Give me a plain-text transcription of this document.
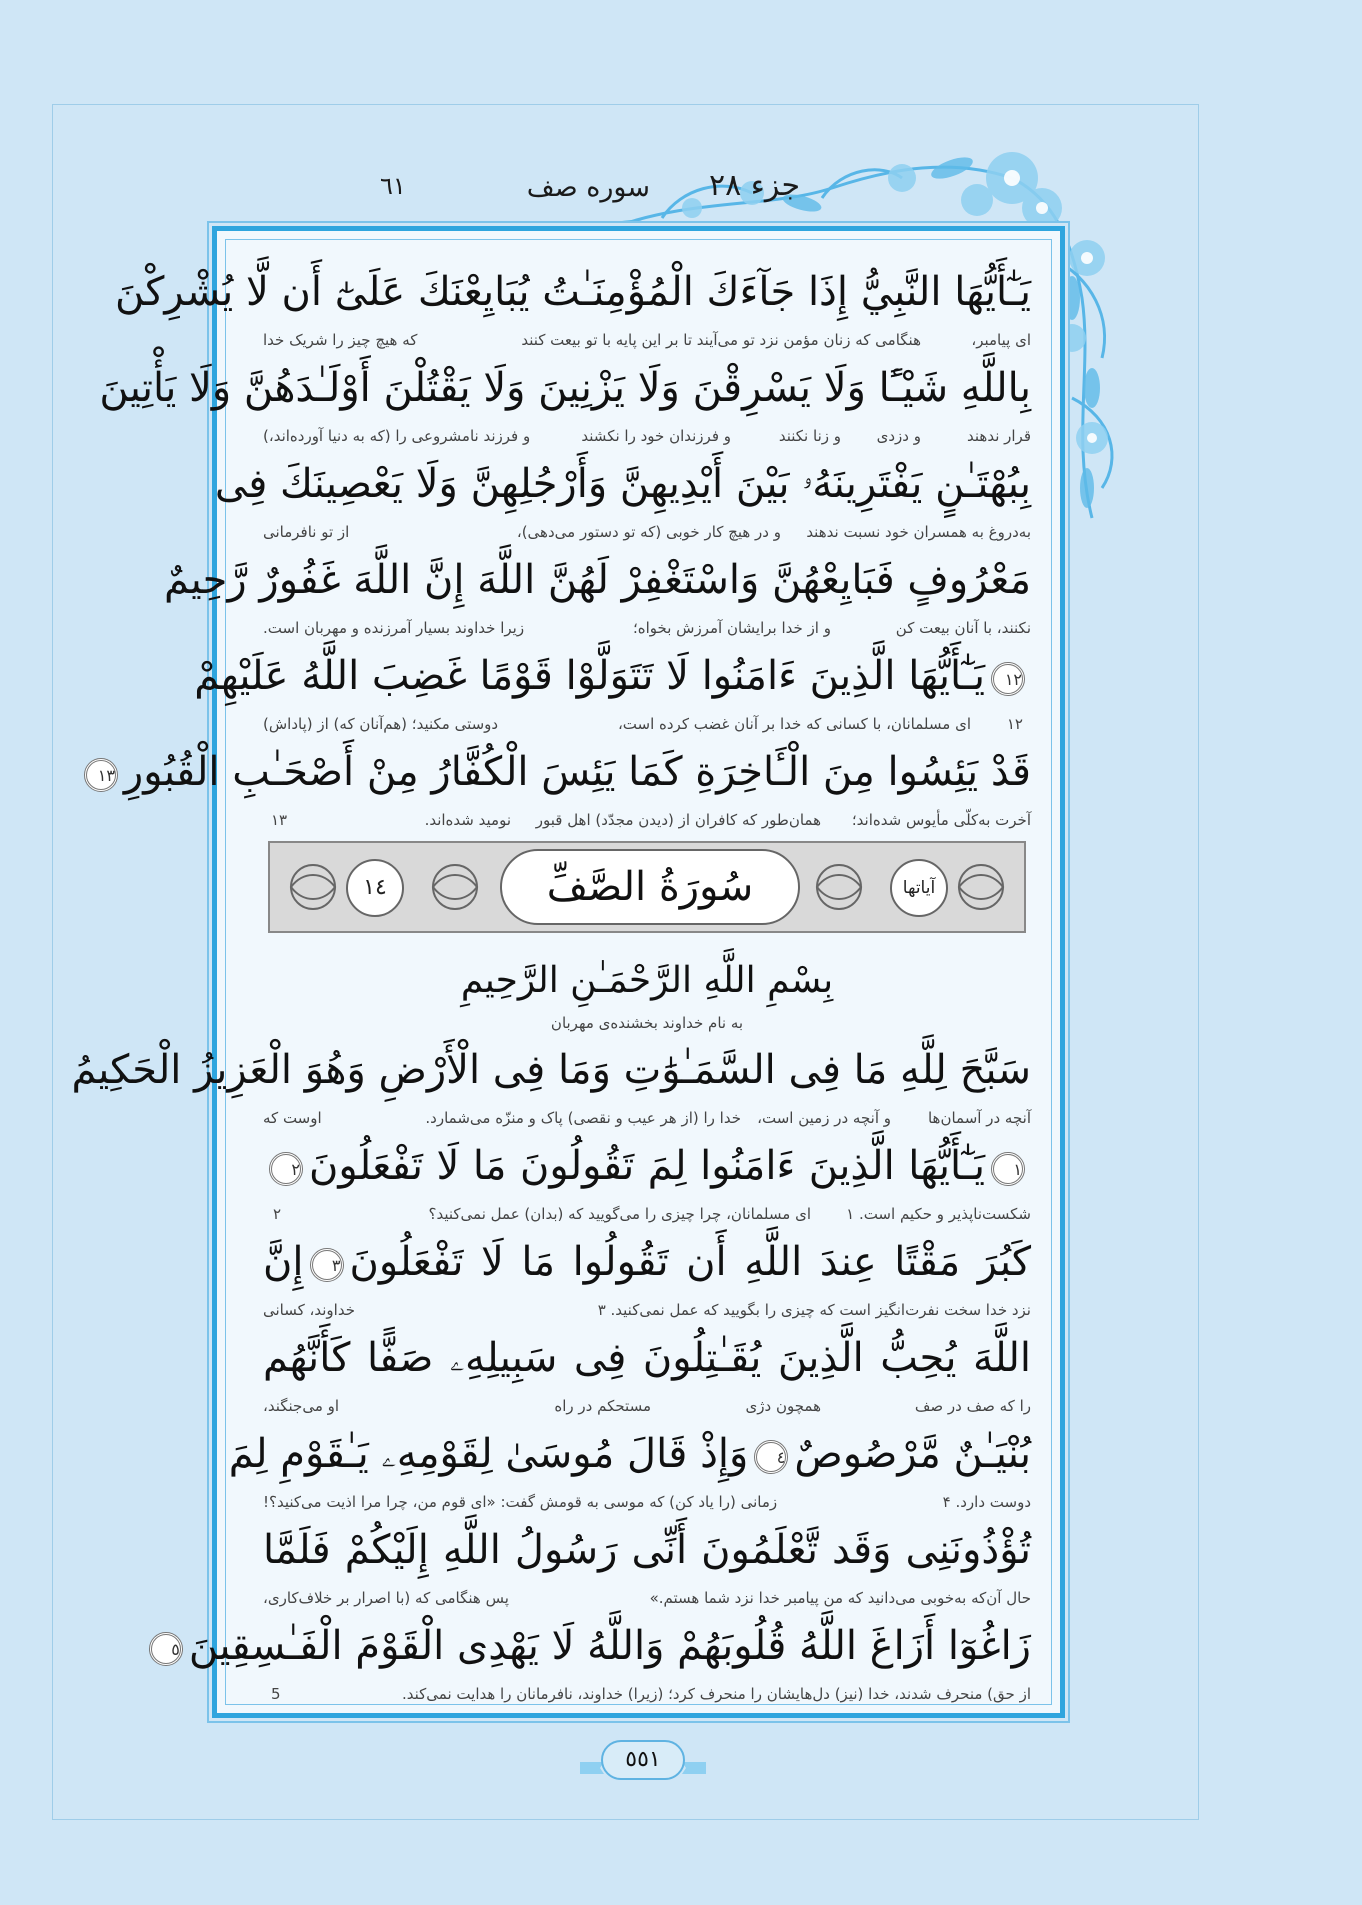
جزء ۲۸
سوره صف
٦١
يَـٰٓأَيُّهَا النَّبِيُّ إِذَا جَآءَكَ الْمُؤْمِنَـٰتُ يُبَايِعْنَكَ عَلَىٰٓ أَن لَّا يُشْرِكْنَ
ای پیامبر،
هنگامی که زنان مؤمن نزد تو می‌آیند تا بر این پایه با تو بیعت کنند
که هیچ چیز را شریک خدا
بِاللَّهِ شَيْـًٔا وَلَا يَسْرِقْنَ وَلَا يَزْنِينَ وَلَا يَقْتُلْنَ أَوْلَـٰدَهُنَّ وَلَا يَأْتِينَ
قرار ندهند
و دزدی
و زنا نکنند
و فرزندان خود را نکشند
و فرزند نامشروعی را (که به دنیا آورده‌اند،)
بِبُهْتَـٰنٍ يَفْتَرِينَهُۥ بَيْنَ أَيْدِيهِنَّ وَأَرْجُلِهِنَّ وَلَا يَعْصِينَكَ فِى
به‌دروغ به همسران خود نسبت ندهند
و در هیچ کار خوبی (که تو دستور می‌دهی)،
از تو نافرمانی
مَعْرُوفٍ فَبَايِعْهُنَّ وَاسْتَغْفِرْ لَهُنَّ اللَّهَ إِنَّ اللَّهَ غَفُورٌ رَّحِيمٌ
نکنند، با آنان بیعت کن
و از خدا برایشان آمرزش بخواه؛
زیرا خداوند بسیار آمرزنده و مهربان است.
١٢يَـٰٓأَيُّهَا الَّذِينَ ءَامَنُوا لَا تَتَوَلَّوْا قَوْمًا غَضِبَ اللَّهُ عَلَيْهِمْ
۱۲
ای مسلمانان، با کسانی که خدا بر آنان غضب کرده است،
دوستی مکنید؛ (هم‌آنان که) از (پاداش)
قَدْ يَئِسُوا مِنَ الْـَٔاخِرَةِ كَمَا يَئِسَ الْكُفَّارُ مِنْ أَصْحَـٰبِ الْقُبُورِ١٣
آخرت به‌کلّی مأیوس شده‌اند؛
همان‌طور که کافران از (دیدن مجدّد) اهل قبور
نومید شده‌اند.
۱۳
١٤	سُورَةُ الصَّفِّ	آیاتها
بِسْمِ اللَّهِ الرَّحْمَـٰنِ الرَّحِيمِ
به نام خداوند بخشنده‌ی مهربان
سَبَّحَ لِلَّهِ مَا فِى السَّمَـٰوَٰتِ وَمَا فِى الْأَرْضِ وَهُوَ الْعَزِيزُ الْحَكِيمُ
آنچه در آسمان‌ها
و آنچه در زمین است،
خدا را (از هر عیب و نقصی) پاک و منزّه می‌شمارد.
اوست که
١يَـٰٓأَيُّهَا الَّذِينَ ءَامَنُوا لِمَ تَقُولُونَ مَا لَا تَفْعَلُونَ٢
شکست‌ناپذیر و حکیم است. ۱
ای مسلمانان، چرا چیزی را می‌گویید که (بدان) عمل نمی‌کنید؟
۲
كَبُرَ مَقْتًا عِندَ اللَّهِ أَن تَقُولُوا مَا لَا تَفْعَلُونَ٣إِنَّ
نزد خدا سخت نفرت‌انگیز است که چیزی را بگویید که عمل نمی‌کنید. ۳
خداوند، کسانی
اللَّهَ يُحِبُّ الَّذِينَ يُقَـٰتِلُونَ فِى سَبِيلِهِۦ صَفًّا كَأَنَّهُم
را که صف در صف
همچون دژی
مستحکم در راه
او می‌جنگند،
بُنْيَـٰنٌ مَّرْصُوصٌ٤وَإِذْ قَالَ مُوسَىٰ لِقَوْمِهِۦ يَـٰقَوْمِ لِمَ
دوست دارد. ۴
زمانی (را یاد کن) که موسی به قومش گفت: «ای قوم من، چرا مرا اذیت می‌کنید؟!
تُؤْذُونَنِى وَقَد تَّعْلَمُونَ أَنِّى رَسُولُ اللَّهِ إِلَيْكُمْ فَلَمَّا
حال آن‌که به‌خوبی می‌دانید که من پیامبر خدا نزد شما هستم.»
پس هنگامی که (با اصرار بر خلاف‌کاری،
زَاغُوٓا أَزَاغَ اللَّهُ قُلُوبَهُمْ وَاللَّهُ لَا يَهْدِى الْقَوْمَ الْفَـٰسِقِينَ٥
از حق) منحرف شدند، خدا (نیز) دل‌هایشان را منحرف کرد؛ (زیرا) خداوند، نافرمانان را هدایت نمی‌کند.
5
٥٥١
